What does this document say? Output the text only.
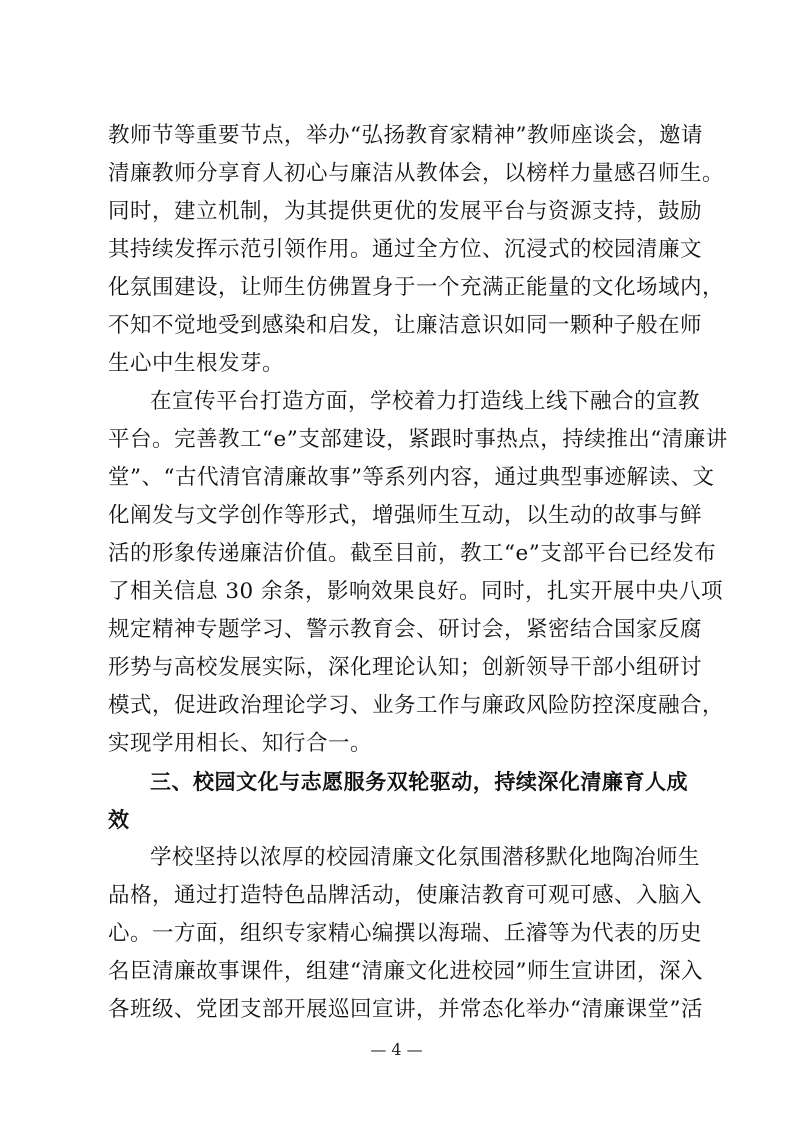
教师节等重要节点，举办“弘扬教育家精神”教师座谈会，邀请
清廉教师分享育人初心与廉洁从教体会，以榜样力量感召师生。
同时，建立机制，为其提供更优的发展平台与资源支持，鼓励
其持续发挥示范引领作用。通过全方位、沉浸式的校园清廉文
化氛围建设，让师生仿佛置身于一个充满正能量的文化场域内，
不知不觉地受到感染和启发，让廉洁意识如同一颗种子般在师
生心中生根发芽。
在宣传平台打造方面，学校着力打造线上线下融合的宣教
平台。完善教工“e”支部建设，紧跟时事热点，持续推出“清廉讲
堂”、“古代清官清廉故事”等系列内容，通过典型事迹解读、文
化阐发与文学创作等形式，增强师生互动，以生动的故事与鲜
活的形象传递廉洁价值。截至目前，教工“e”支部平台已经发布
了相关信息 30 余条，影响效果良好。同时，扎实开展中央八项
规定精神专题学习、警示教育会、研讨会，紧密结合国家反腐
形势与高校发展实际，深化理论认知；创新领导干部小组研讨
模式，促进政治理论学习、业务工作与廉政风险防控深度融合，
实现学用相长、知行合一。
三、校园文化与志愿服务双轮驱动，持续深化清廉育人成
效
学校坚持以浓厚的校园清廉文化氛围潜移默化地陶冶师生
品格，通过打造特色品牌活动，使廉洁教育可观可感、入脑入
心。一方面，组织专家精心编撰以海瑞、丘濬等为代表的历史
名臣清廉故事课件，组建“清廉文化进校园”师生宣讲团，深入
各班级、党团支部开展巡回宣讲，并常态化举办“清廉课堂”活
— 4 —
